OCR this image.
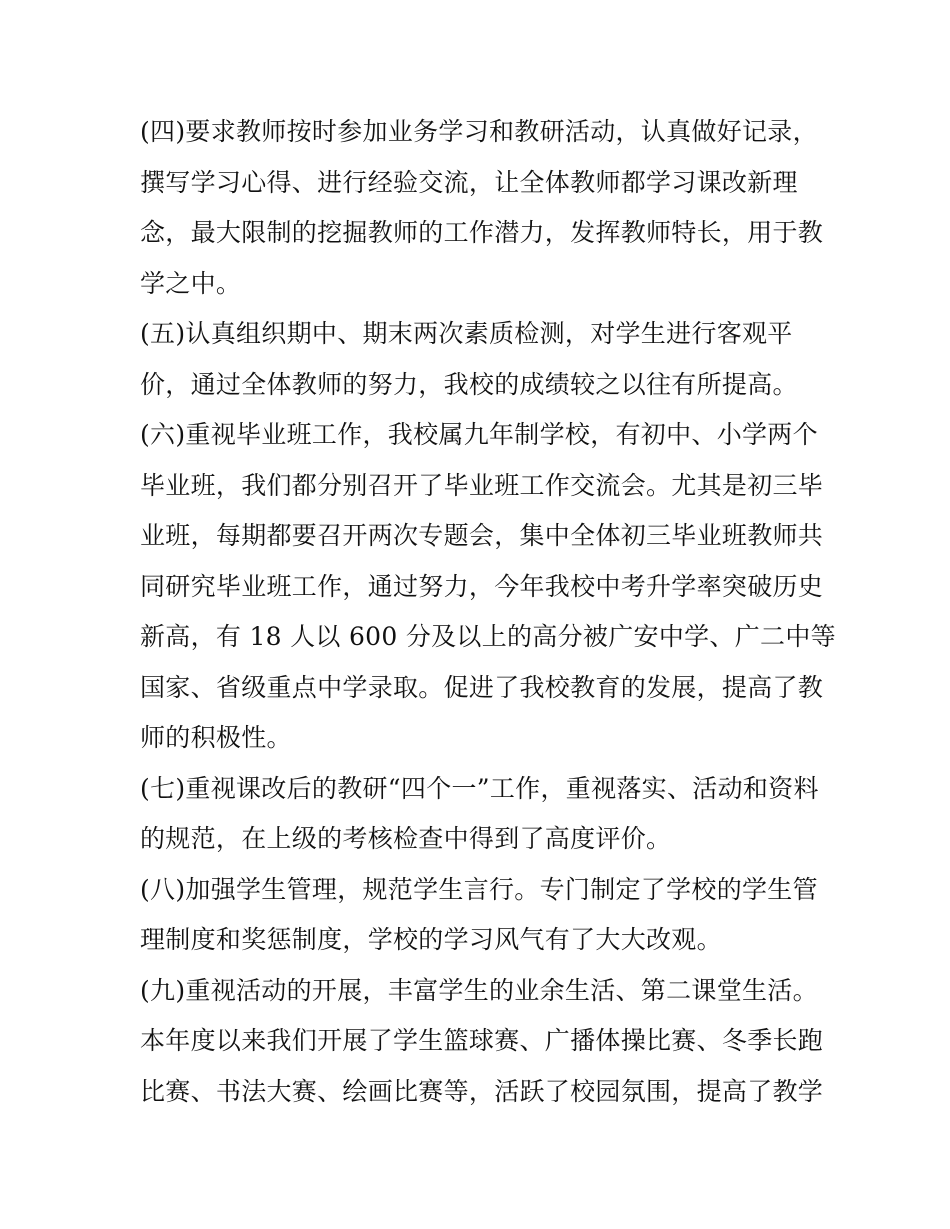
(四)要求教师按时参加业务学习和教研活动，认真做好记录，
撰写学习心得、进行经验交流，让全体教师都学习课改新理
念，最大限制的挖掘教师的工作潜力，发挥教师特长，用于教
学之中。
(五)认真组织期中、期末两次素质检测，对学生进行客观平
价，通过全体教师的努力，我校的成绩较之以往有所提高。
(六)重视毕业班工作，我校属九年制学校，有初中、小学两个
毕业班，我们都分别召开了毕业班工作交流会。尤其是初三毕
业班，每期都要召开两次专题会，集中全体初三毕业班教师共
同研究毕业班工作，通过努力，今年我校中考升学率突破历史
新高，有 18 人以 600 分及以上的高分被广安中学、广二中等
国家、省级重点中学录取。促进了我校教育的发展，提高了教
师的积极性。
(七)重视课改后的教研“四个一”工作，重视落实、活动和资料
的规范，在上级的考核检查中得到了高度评价。
(八)加强学生管理，规范学生言行。专门制定了学校的学生管
理制度和奖惩制度，学校的学习风气有了大大改观。
(九)重视活动的开展，丰富学生的业余生活、第二课堂生活。
本年度以来我们开展了学生篮球赛、广播体操比赛、冬季长跑
比赛、书法大赛、绘画比赛等，活跃了校园氛围，提高了教学
